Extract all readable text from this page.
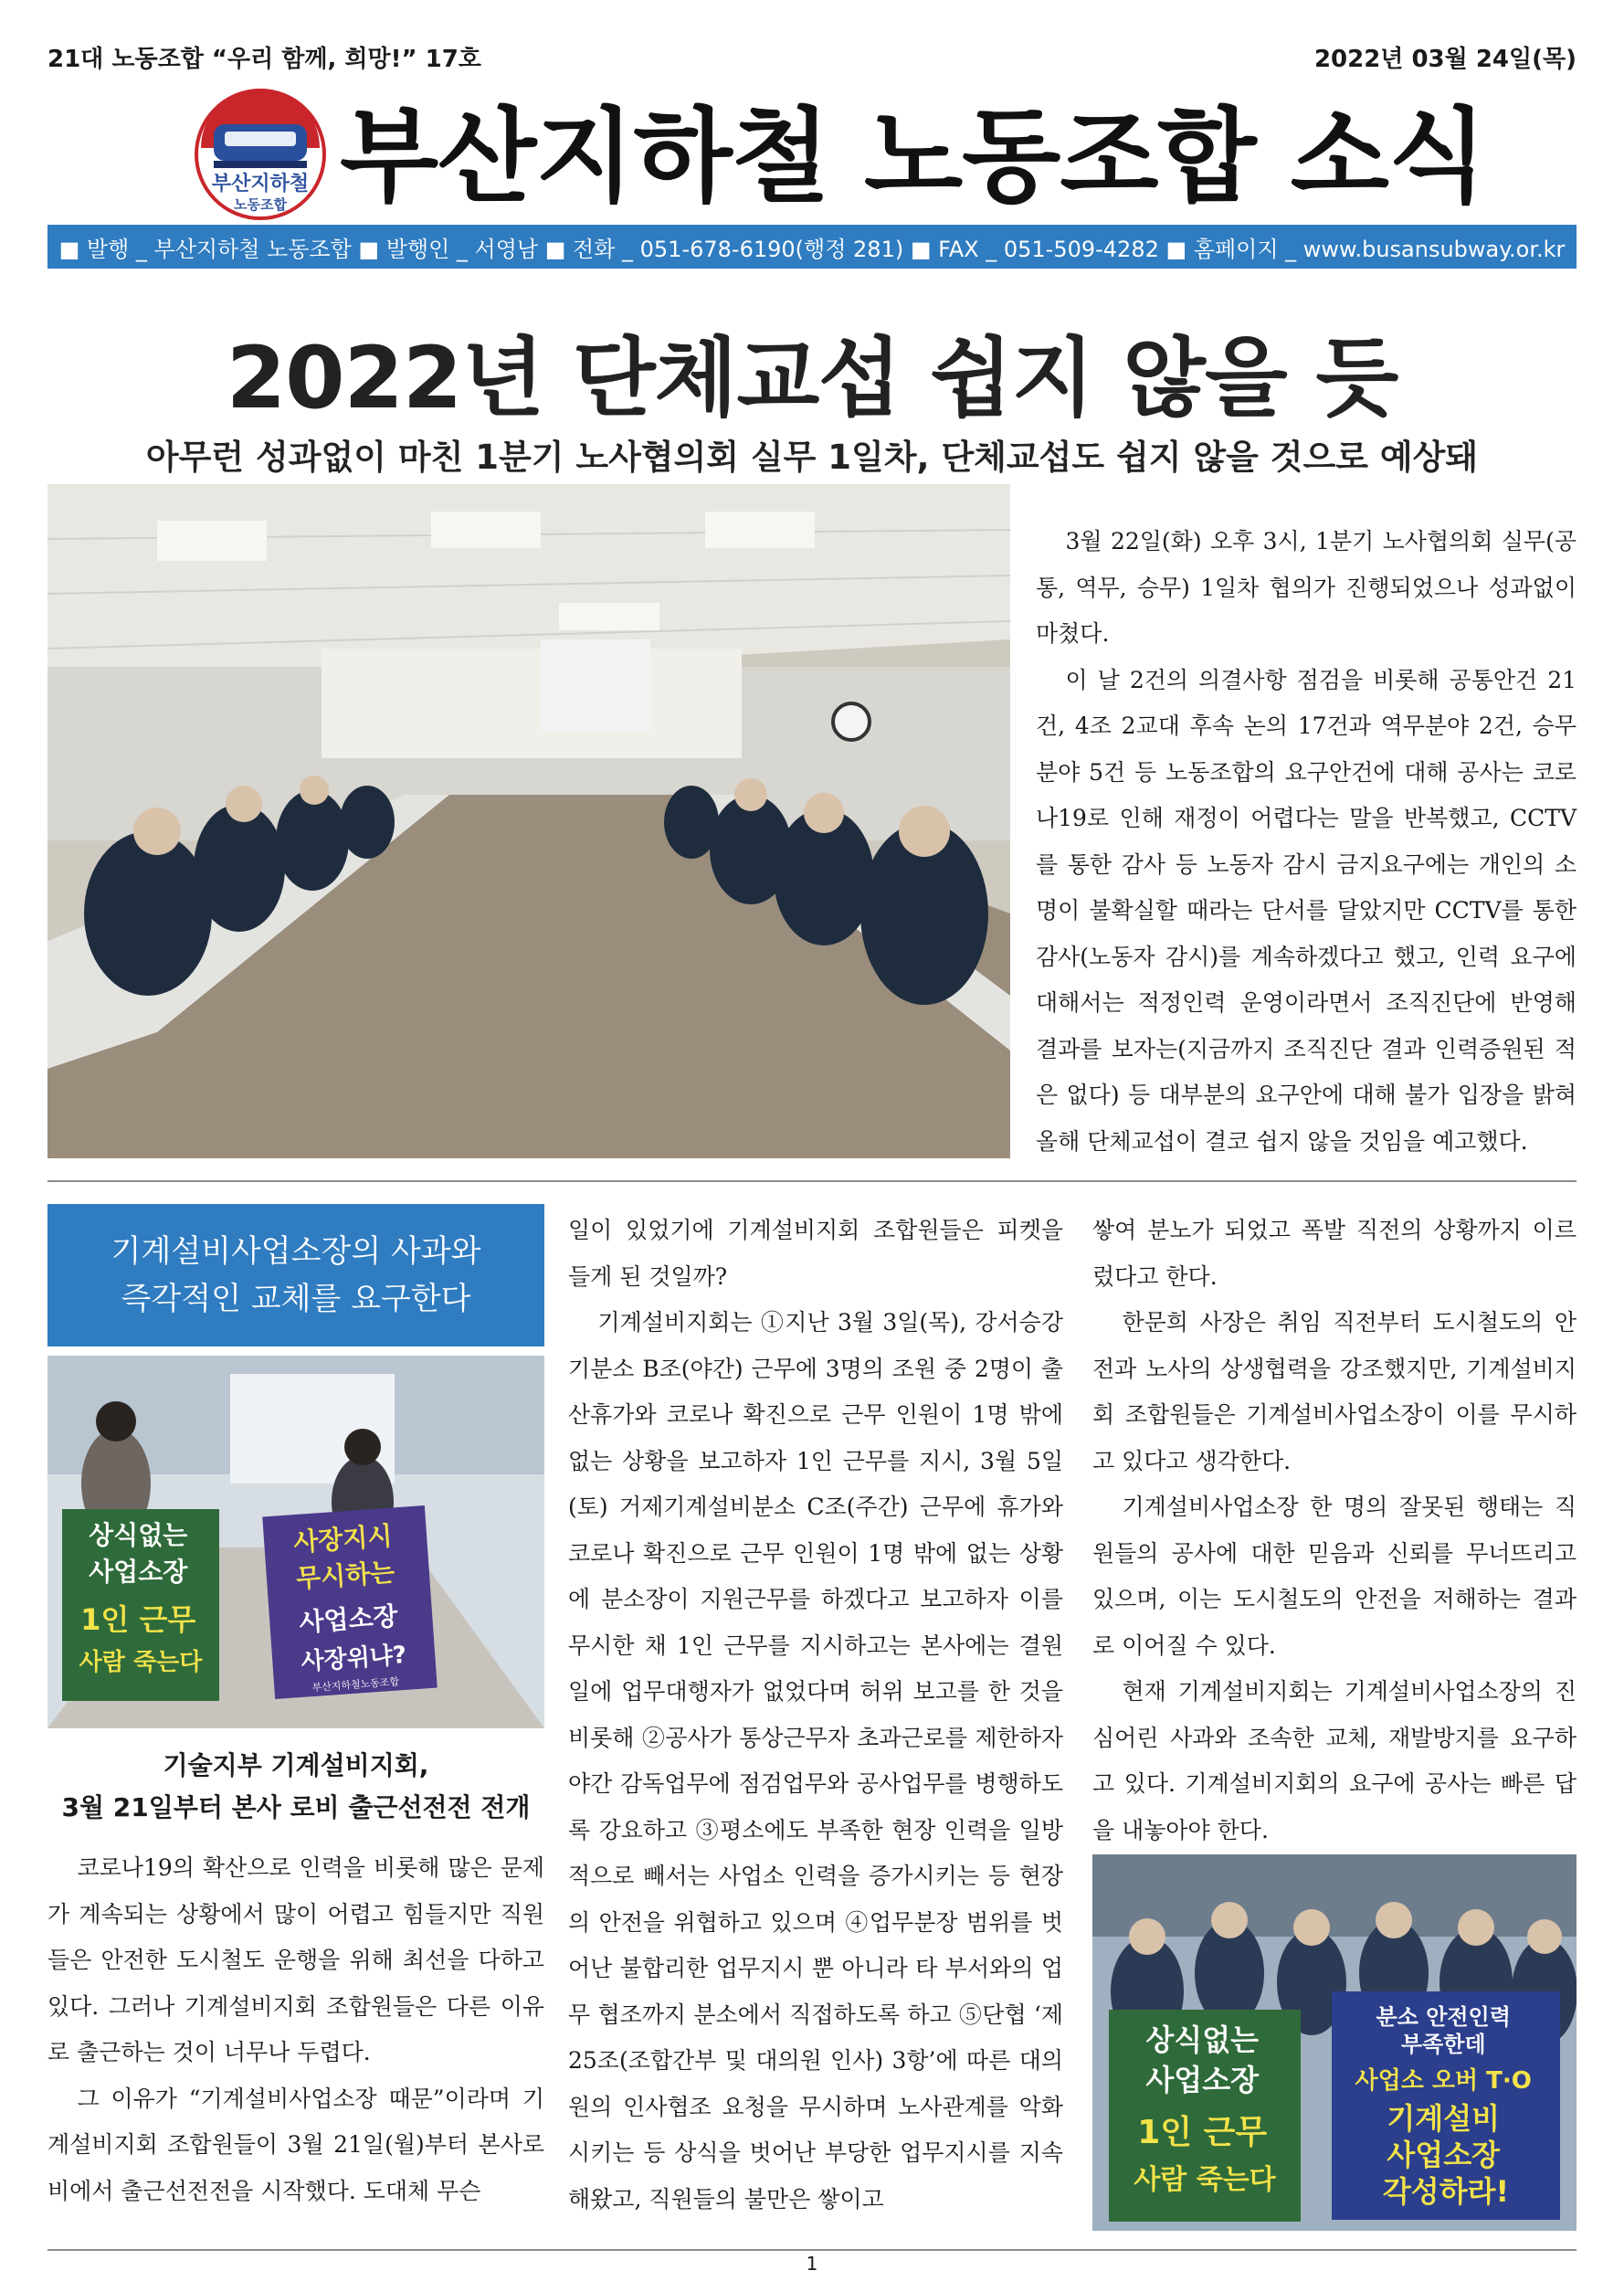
21대 노동조합 “우리 함께, 희망!” 17호	2022년 03월 24일(목)
부산지하철
노동조합 부산지하철 노동조합 소식
■ 발행 _ 부산지하철 노동조합 ■ 발행인 _ 서영남 ■ 전화 _ 051-678-6190(행정 281) ■ FAX _ 051-509-4282 ■ 홈페이지 _ www.busansubway.or.kr
2022년 단체교섭 쉽지 않을 듯
아무런 성과없이 마친 1분기 노사협의회 실무 1일차, 단체교섭도 쉽지 않을 것으로 예상돼

3월 22일(화) 오후 3시, 1분기 노사협의회 실무(공통, 역무, 승무) 1일차 협의가 진행되었으나 성과없이 마쳤다.

이 날 2건의 의결사항 점검을 비롯해 공통안건 21건, 4조 2교대 후속 논의 17건과 역무분야 2건, 승무분야 5건 등 노동조합의 요구안건에 대해 공사는 코로나19로 인해 재정이 어렵다는 말을 반복했고, CCTV를 통한 감사 등 노동자 감시 금지요구에는 개인의 소명이 불확실할 때라는 단서를 달았지만 CCTV를 통한 감사(노동자 감시)를 계속하겠다고 했고, 인력 요구에 대해서는 적정인력 운영이라면서 조직진단에 반영해 결과를 보자는(지금까지 조직진단 결과 인력증원된 적은 없다) 등 대부분의 요구안에 대해 불가 입장을 밝혀 올해 단체교섭이 결코 쉽지 않을 것임을 예고했다.

기계설비사업소장의 사과와
즉각적인 교체를 요구한다
상식없는 사업소장 1인 근무 사람 죽는다
사장지시 무시하는 사업소장 사장위냐?
부산지하철노동조합
기술지부 기계설비지회,
3월 21일부터 본사 로비 출근선전전 전개

코로나19의 확산으로 인력을 비롯해 많은 문제가 계속되는 상황에서 많이 어렵고 힘들지만 직원들은 안전한 도시철도 운행을 위해 최선을 다하고 있다. 그러나 기계설비지회 조합원들은 다른 이유로 출근하는 것이 너무나 두렵다.

그 이유가 “기계설비사업소장 때문”이라며 기계설비지회 조합원들이 3월 21일(월)부터 본사로비에서 출근선전전을 시작했다. 도대체 무슨

일이 있었기에 기계설비지회 조합원들은 피켓을 들게 된 것일까?

기계설비지회는 ①지난 3월 3일(목), 강서승강기분소 B조(야간) 근무에 3명의 조원 중 2명이 출산휴가와 코로나 확진으로 근무 인원이 1명 밖에 없는 상황을 보고하자 1인 근무를 지시, 3월 5일(토) 거제기계설비분소 C조(주간) 근무에 휴가와 코로나 확진으로 근무 인원이 1명 밖에 없는 상황에 분소장이 지원근무를 하겠다고 보고하자 이를 무시한 채 1인 근무를 지시하고는 본사에는 결원일에 업무대행자가 없었다며 허위 보고를 한 것을 비롯해 ②공사가 통상근무자 초과근로를 제한하자 야간 감독업무에 점검업무와 공사업무를 병행하도록 강요하고 ③평소에도 부족한 현장 인력을 일방적으로 빼서는 사업소 인력을 증가시키는 등 현장의 안전을 위협하고 있으며 ④업무분장 범위를 벗어난 불합리한 업무지시 뿐 아니라 타 부서와의 업무 협조까지 분소에서 직접하도록 하고 ⑤단협 ‘제25조(조합간부 및 대의원 인사) 3항’에 따른 대의원의 인사협조 요청을 무시하며 노사관계를 악화시키는 등 상식을 벗어난 부당한 업무지시를 지속해왔고, 직원들의 불만은 쌓이고

쌓여 분노가 되었고 폭발 직전의 상황까지 이르렀다고 한다.

한문희 사장은 취임 직전부터 도시철도의 안전과 노사의 상생협력을 강조했지만, 기계설비지회 조합원들은 기계설비사업소장이 이를 무시하고 있다고 생각한다.

기계설비사업소장 한 명의 잘못된 행태는 직원들의 공사에 대한 믿음과 신뢰를 무너뜨리고 있으며, 이는 도시철도의 안전을 저해하는 결과로 이어질 수 있다.

현재 기계설비지회는 기계설비사업소장의 진심어린 사과와 조속한 교체, 재발방지를 요구하고 있다. 기계설비지회의 요구에 공사는 빠른 답을 내놓아야 한다.

상식없는 사업소장 1인 근무 사람 죽는다
분소 안전인력 부족한데 사업소 오버 T·O 기계설비 사업소장 각성하라!
1
